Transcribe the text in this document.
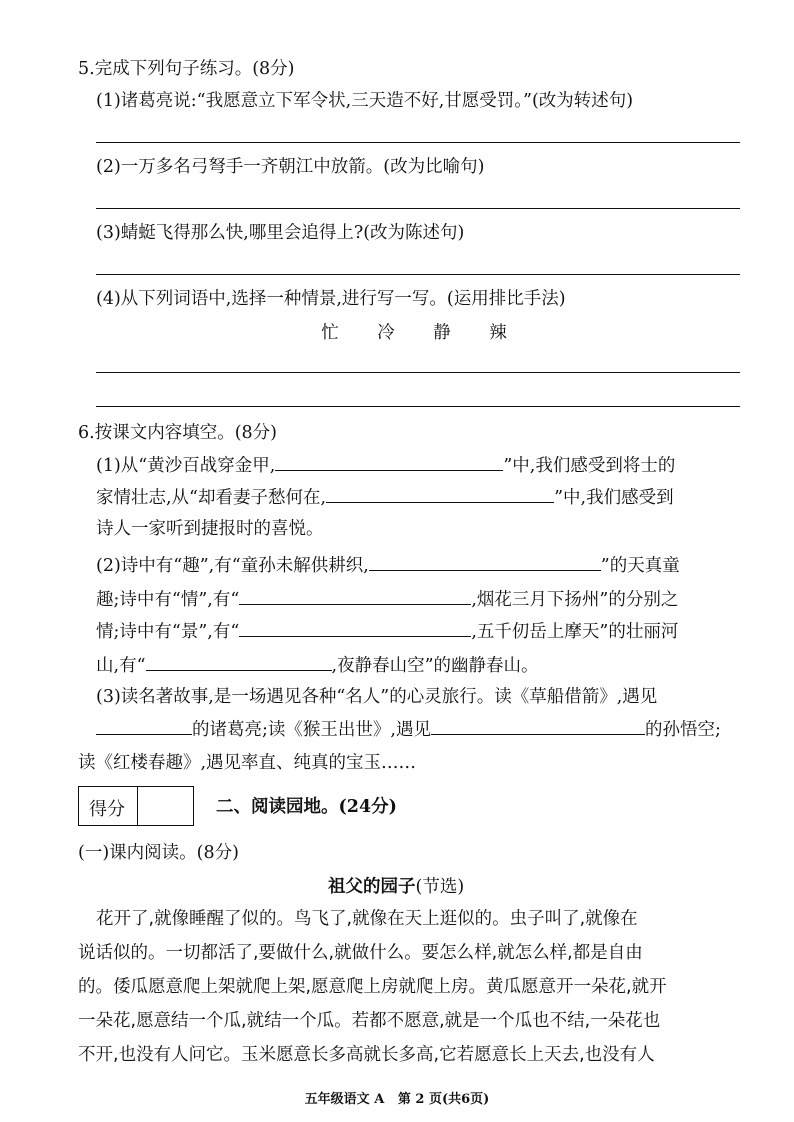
5.完成下列句子练习。(8分)
(1)诸葛亮说:“我愿意立下军令状,三天造不好,甘愿受罚。”(改为转述句)
(2)一万多名弓弩手一齐朝江中放箭。(改为比喻句)
(3)蜻蜓飞得那么快,哪里会追得上?(改为陈述句)
(4)从下列词语中,选择一种情景,进行写一写。(运用排比手法)
忙 冷 静 辣
6.按课文内容填空。(8分)
(1)从“黄沙百战穿金甲,	”中,我们感受到将士的
家情壮志,从“却看妻子愁何在,	”中,我们感受到
诗人一家听到捷报时的喜悦。
(2)诗中有“趣”,有“童孙未解供耕织,	”的天真童
趣;诗中有“情”,有“	,烟花三月下扬州”的分别之
情;诗中有“景”,有“	,五千仞岳上摩天”的壮丽河
山,有“	,夜静春山空”的幽静春山。
(3)读名著故事,是一场遇见各种“名人”的心灵旅行。读《草船借箭》,遇见
的诸葛亮;读《猴王出世》,遇见	的孙悟空;
读《红楼春趣》,遇见率直、纯真的宝玉……
得分	二、阅读园地。(24分)
(一)课内阅读。(8分)
祖父的园子(节选)
花开了,就像睡醒了似的。鸟飞了,就像在天上逛似的。虫子叫了,就像在
说话似的。一切都活了,要做什么,就做什么。要怎么样,就怎么样,都是自由
的。倭瓜愿意爬上架就爬上架,愿意爬上房就爬上房。黄瓜愿意开一朵花,就开
一朵花,愿意结一个瓜,就结一个瓜。若都不愿意,就是一个瓜也不结,一朵花也
不开,也没有人问它。玉米愿意长多高就长多高,它若愿意长上天去,也没有人
五年级语文 A   第 2 页(共6页)
